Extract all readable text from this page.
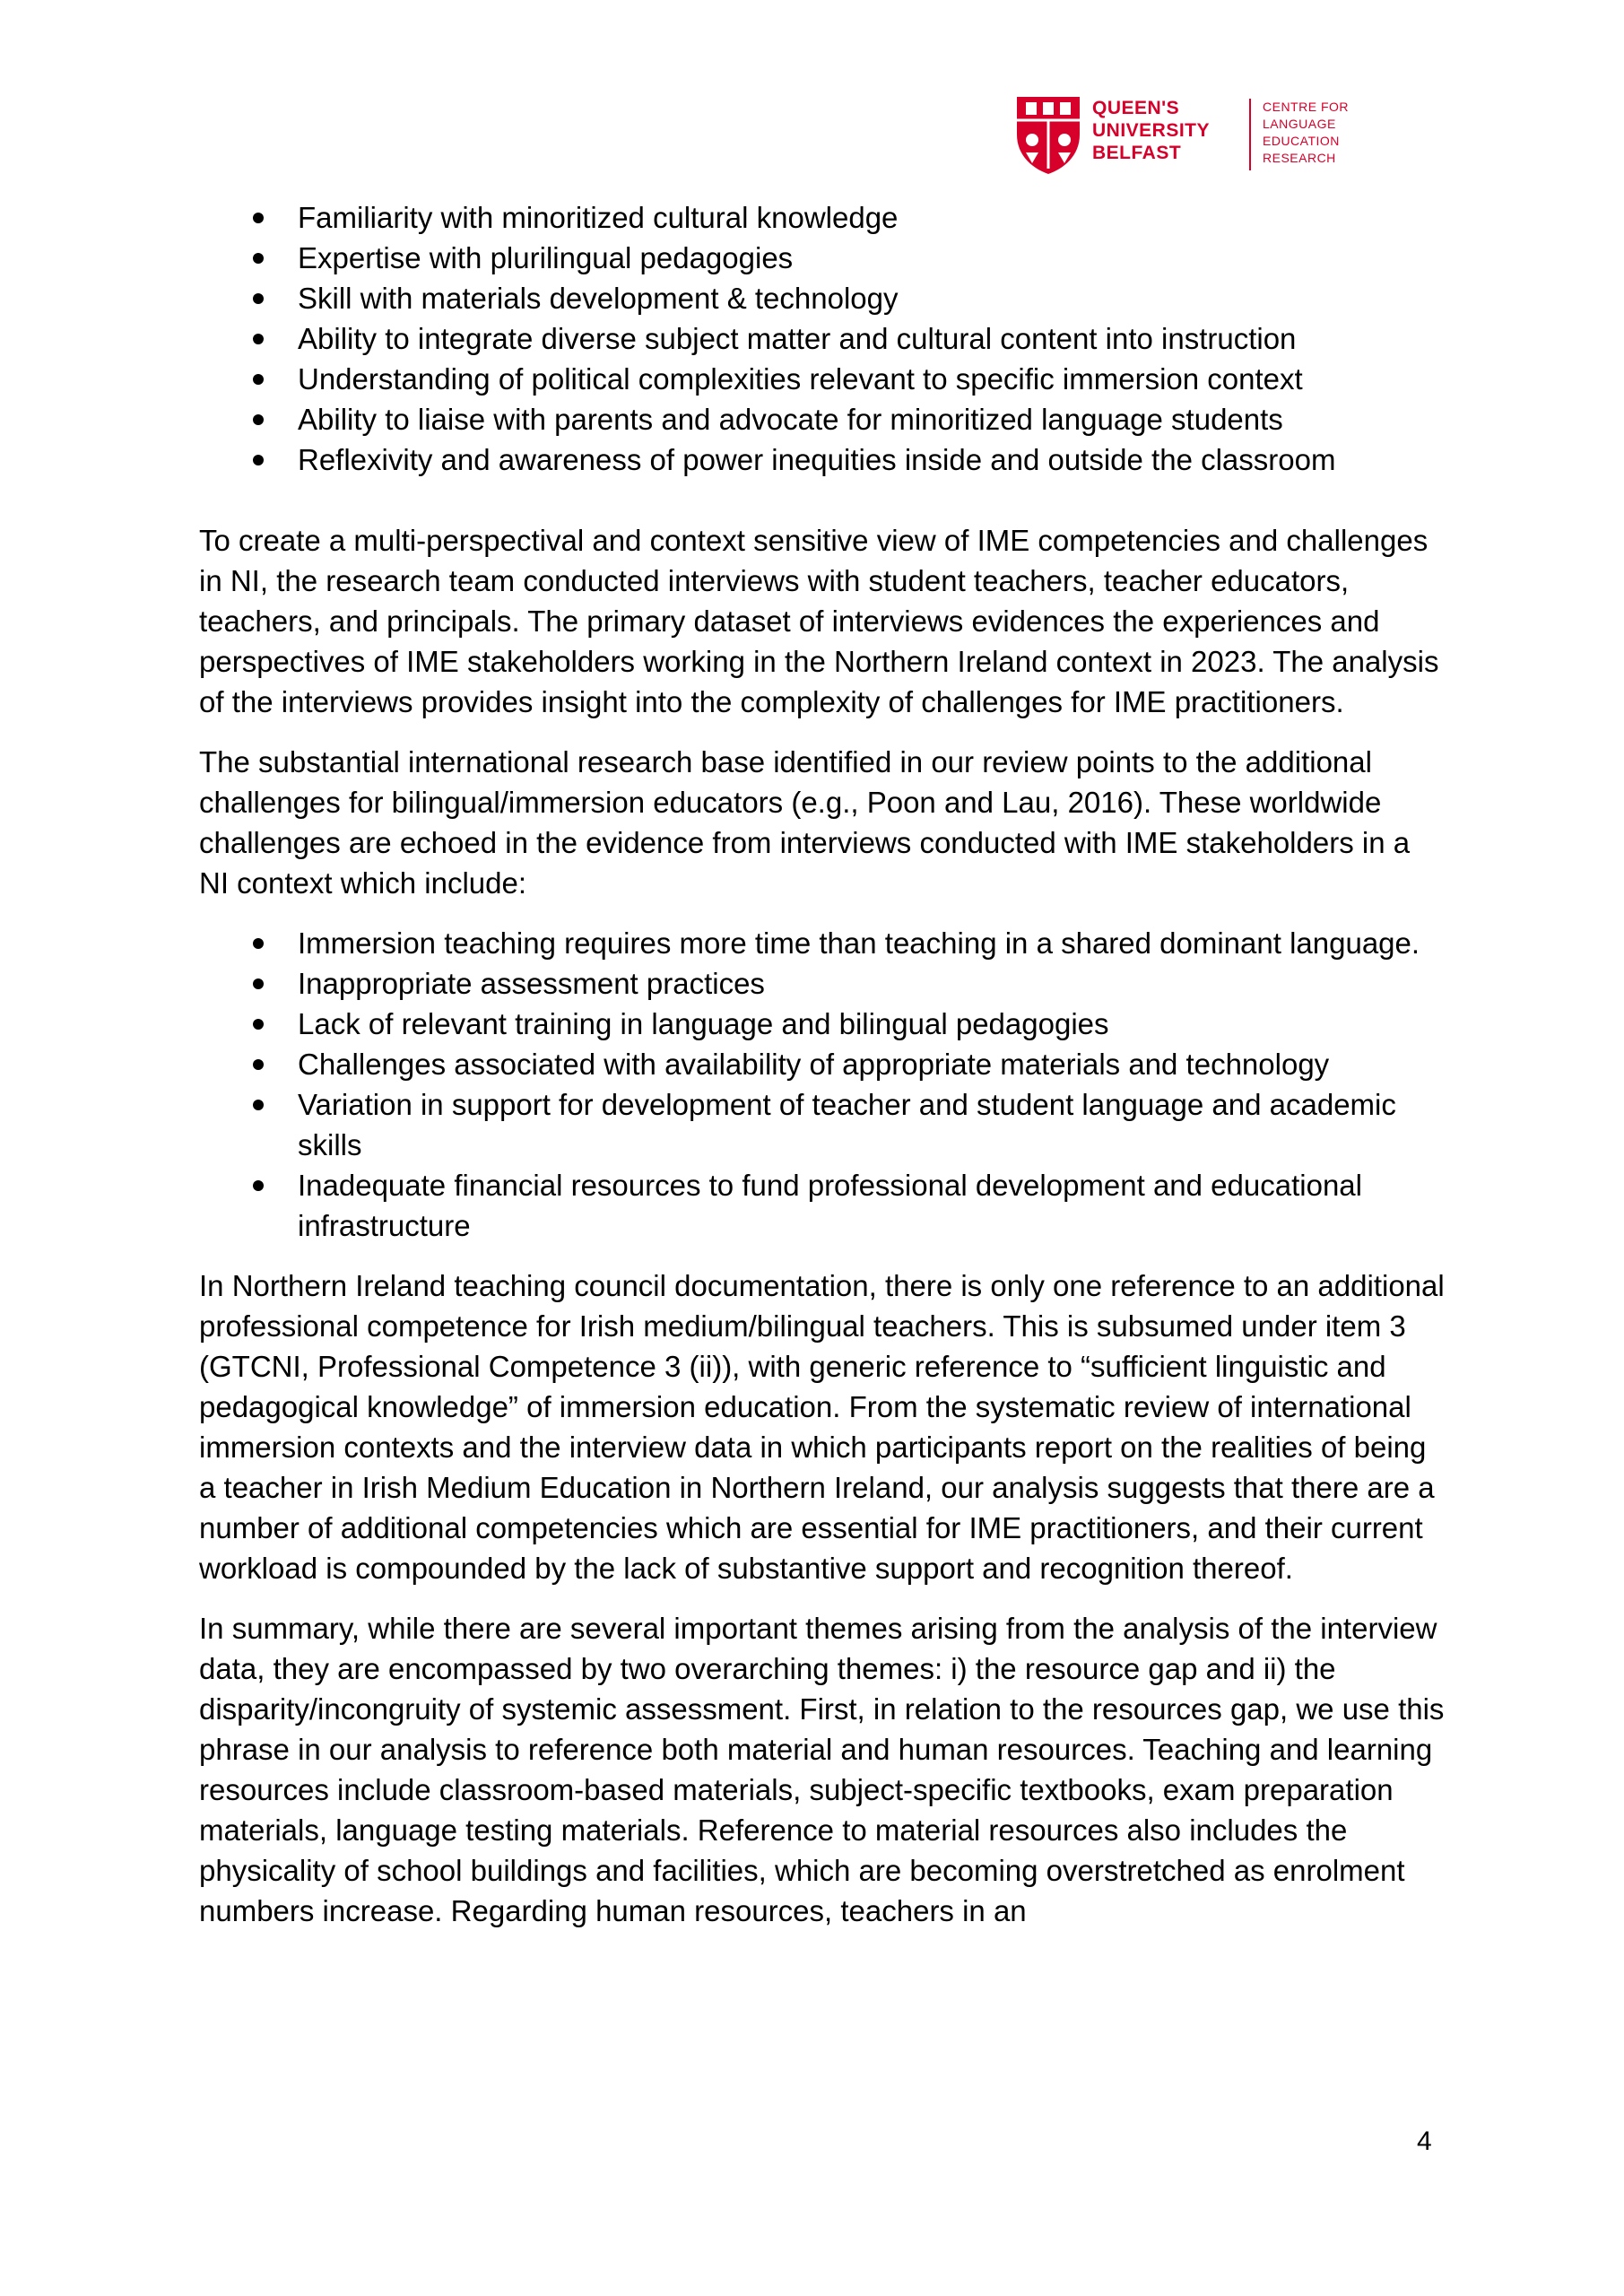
QUEEN'S
UNIVERSITY
BELFAST
CENTRE FOR
LANGUAGE
EDUCATION
RESEARCH
Familiarity with minoritized cultural knowledge
Expertise with plurilingual pedagogies
Skill with materials development & technology
Ability to integrate diverse subject matter and cultural content into instruction
Understanding of political complexities relevant to specific immersion context
Ability to liaise with parents and advocate for minoritized language students
Reflexivity and awareness of power inequities inside and outside the classroom

To create a multi-perspectival and context sensitive view of IME competencies and challenges in NI, the research team conducted interviews with student teachers, teacher educators, teachers, and principals. The primary dataset of interviews evidences the experiences and perspectives of IME stakeholders working in the Northern Ireland context in 2023. The analysis of the interviews provides insight into the complexity of challenges for IME practitioners.

The substantial international research base identified in our review points to the additional challenges for bilingual/immersion educators (e.g., Poon and Lau, 2016). These worldwide challenges are echoed in the evidence from interviews conducted with IME stakeholders in a NI context which include:

Immersion teaching requires more time than teaching in a shared dominant language.
Inappropriate assessment practices
Lack of relevant training in language and bilingual pedagogies
Challenges associated with availability of appropriate materials and technology
Variation in support for development of teacher and student language and academic skills
Inadequate financial resources to fund professional development and educational infrastructure

In Northern Ireland teaching council documentation, there is only one reference to an additional professional competence for Irish medium/bilingual teachers. This is subsumed under item 3 (GTCNI, Professional Competence 3 (ii)), with generic reference to “sufficient linguistic and pedagogical knowledge” of immersion education. From the systematic review of international immersion contexts and the interview data in which participants report on the realities of being a teacher in Irish Medium Education in Northern Ireland, our analysis suggests that there are a number of additional competencies which are essential for IME practitioners, and their current workload is compounded by the lack of substantive support and recognition thereof.

In summary, while there are several important themes arising from the analysis of the interview data, they are encompassed by two overarching themes: i) the resource gap and ii) the disparity/incongruity of systemic assessment. First, in relation to the resources gap, we use this phrase in our analysis to reference both material and human resources. Teaching and learning resources include classroom-based materials, subject-specific textbooks, exam preparation materials, language testing materials. Reference to material resources also includes the physicality of school buildings and facilities, which are becoming overstretched as enrolment numbers increase. Regarding human resources, teachers in an

4
